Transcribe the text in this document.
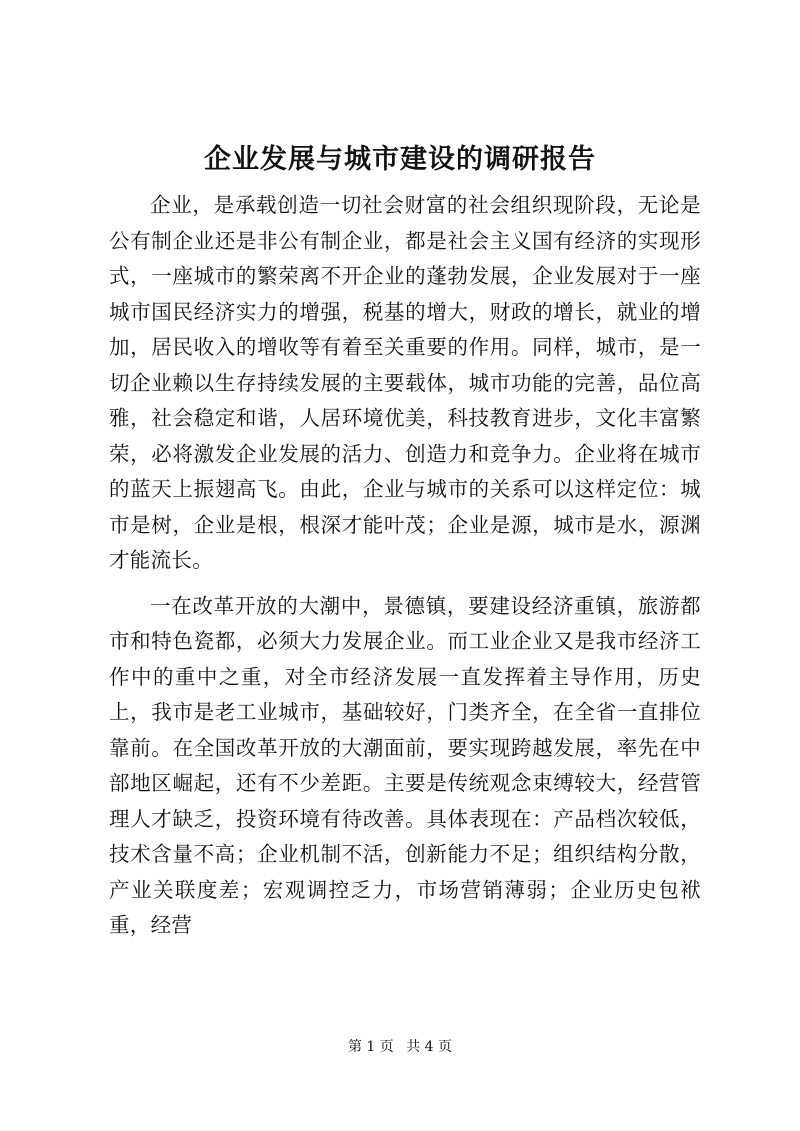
企业发展与城市建设的调研报告

企业，是承载创造一切社会财富的社会组织现阶段，无论是公有制企业还是非公有制企业，都是社会主义国有经济的实现形式，一座城市的繁荣离不开企业的蓬勃发展，企业发展对于一座城市国民经济实力的增强，税基的增大，财政的增长，就业的增加，居民收入的增收等有着至关重要的作用。同样，城市，是一切企业赖以生存持续发展的主要载体，城市功能的完善，品位高雅，社会稳定和谐，人居环境优美，科技教育进步，文化丰富繁荣，必将激发企业发展的活力、创造力和竞争力。企业将在城市的蓝天上振翅高飞。由此，企业与城市的关系可以这样定位：城市是树，企业是根，根深才能叶茂；企业是源，城市是水，源渊才能流长。

一在改革开放的大潮中，景德镇，要建设经济重镇，旅游都市和特色瓷都，必须大力发展企业。而工业企业又是我市经济工作中的重中之重，对全市经济发展一直发挥着主导作用，历史上，我市是老工业城市，基础较好，门类齐全，在全省一直排位靠前。在全国改革开放的大潮面前，要实现跨越发展，率先在中部地区崛起，还有不少差距。主要是传统观念束缚较大，经营管理人才缺乏，投资环境有待改善。具体表现在：产品档次较低，技术含量不高；企业机制不活，创新能力不足；组织结构分散，产业关联度差；宏观调控乏力，市场营销薄弱；企业历史包袱重，经营

第 1 页 共 4 页
